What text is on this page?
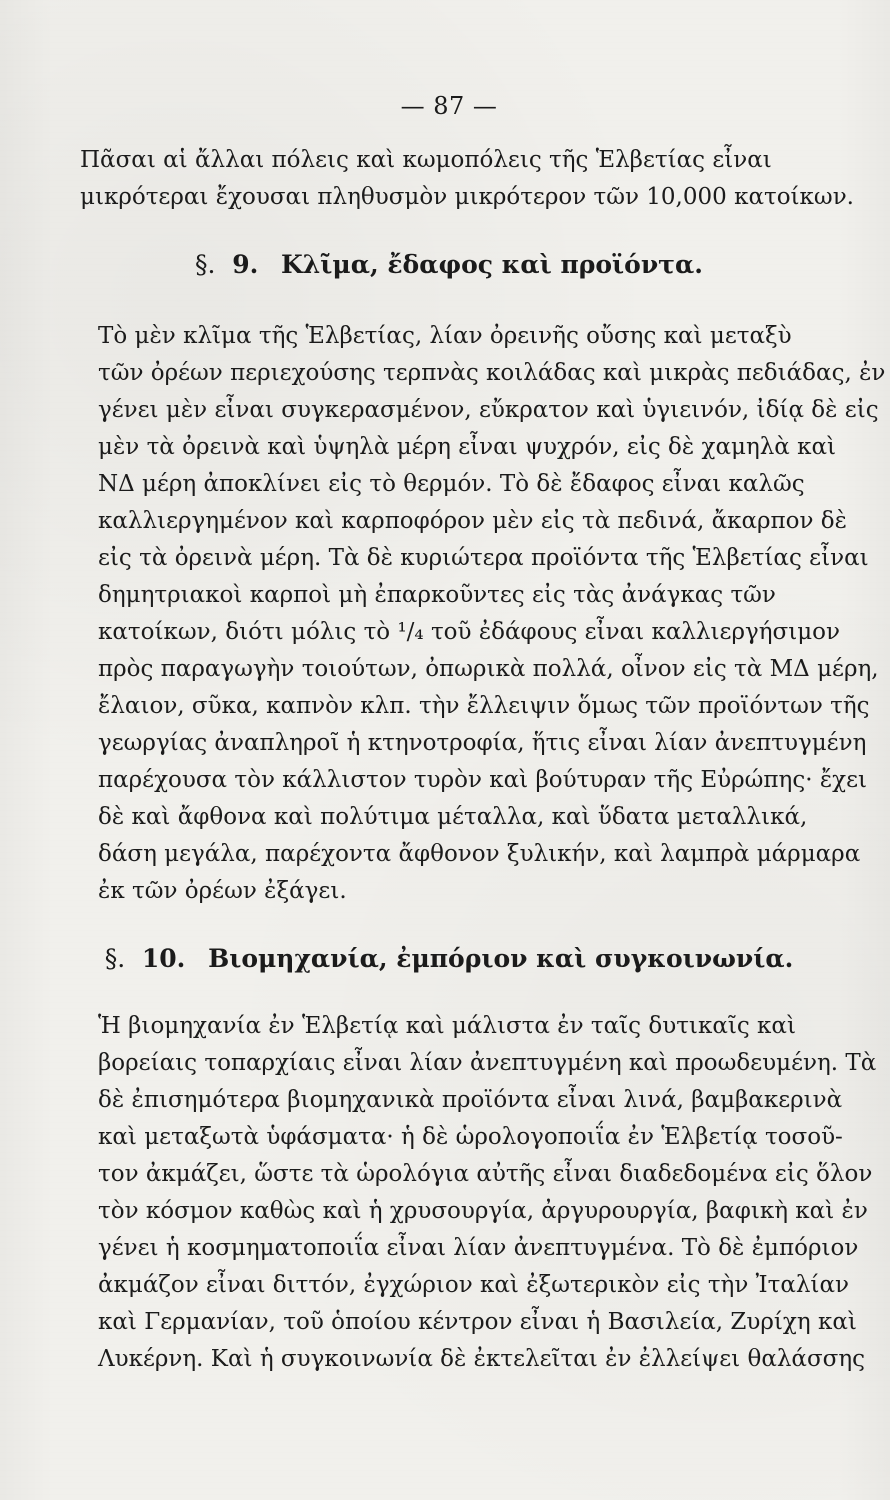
— 87 —

Πᾶσαι αἱ ἄλλαι πόλεις καὶ κωμοπόλεις τῆς Ἑλβετίας εἶναι
μικρότεραι ἔχουσαι πληθυσμὸν μικρότερον τῶν 10,000 κατοίκων.

§. 9. Κλῖμα, ἔδαφος καὶ προϊόντα.

Τὸ μὲν κλῖμα τῆς Ἑλβετίας, λίαν ὀρεινῆς οὔσης καὶ μεταξὺ
τῶν ὀρέων περιεχούσης τερπνὰς κοιλάδας καὶ μικρὰς πεδιάδας, ἐν
γένει μὲν εἶναι συγκερασμένον, εὔκρατον καὶ ὑγιεινόν, ἰδίᾳ δὲ εἰς
μὲν τὰ ὀρεινὰ καὶ ὑψηλὰ μέρη εἶναι ψυχρόν, εἰς δὲ χαμηλὰ καὶ
ΝΔ μέρη ἀποκλίνει εἰς τὸ θερμόν. Τὸ δὲ ἔδαφος εἶναι καλῶς
καλλιεργημένον καὶ καρποφόρον μὲν εἰς τὰ πεδινά, ἄκαρπον δὲ
εἰς τὰ ὀρεινὰ μέρη. Τὰ δὲ κυριώτερα προϊόντα τῆς Ἑλβετίας εἶναι
δημητριακοὶ καρποὶ μὴ ἐπαρκοῦντες εἰς τὰς ἀνάγκας τῶν
κατοίκων, διότι μόλις τὸ ¹/₄ τοῦ ἐδάφους εἶναι καλλιεργήσιμον
πρὸς παραγωγὴν τοιούτων, ὀπωρικὰ πολλά, οἶνον εἰς τὰ ΜΔ μέρη,
ἔλαιον, σῦκα, καπνὸν κλπ. τὴν ἔλλειψιν ὅμως τῶν προϊόντων τῆς
γεωργίας ἀναπληροῖ ἡ κτηνοτροφία, ἥτις εἶναι λίαν ἀνεπτυγμένη
παρέχουσα τὸν κάλλιστον τυρὸν καὶ βούτυραν τῆς Εὐρώπης· ἔχει
δὲ καὶ ἄφθονα καὶ πολύτιμα μέταλλα, καὶ ὕδατα μεταλλικά,
δάση μεγάλα, παρέχοντα ἄφθονον ξυλικήν, καὶ λαμπρὰ μάρμαρα
ἐκ τῶν ὀρέων ἐξάγει.

§. 10. Βιομηχανία, ἐμπόριον καὶ συγκοινωνία.

Ἡ βιομηχανία ἐν Ἑλβετίᾳ καὶ μάλιστα ἐν ταῖς δυτικαῖς καὶ
βορείαις τοπαρχίαις εἶναι λίαν ἀνεπτυγμένη καὶ προωδευμένη. Τὰ
δὲ ἐπισημότερα βιομηχανικὰ προϊόντα εἶναι λινά, βαμβακερινὰ
καὶ μεταξωτὰ ὑφάσματα· ἡ δὲ ὡρολογοποιΐα ἐν Ἑλβετίᾳ τοσοῦ-
τον ἀκμάζει, ὥστε τὰ ὡρολόγια αὐτῆς εἶναι διαδεδομένα εἰς ὅλον
τὸν κόσμον καθὼς καὶ ἡ χρυσουργία, ἀργυρουργία, βαφικὴ καὶ ἐν
γένει ἡ κοσμηματοποιΐα εἶναι λίαν ἀνεπτυγμένα. Τὸ δὲ ἐμπόριον
ἀκμάζον εἶναι διττόν, ἐγχώριον καὶ ἐξωτερικὸν εἰς τὴν Ἰταλίαν
καὶ Γερμανίαν, τοῦ ὁποίου κέντρον εἶναι ἡ Βασιλεία, Ζυρίχη καὶ
Λυκέρνη. Καὶ ἡ συγκοινωνία δὲ ἐκτελεῖται ἐν ἐλλείψει θαλάσσης
